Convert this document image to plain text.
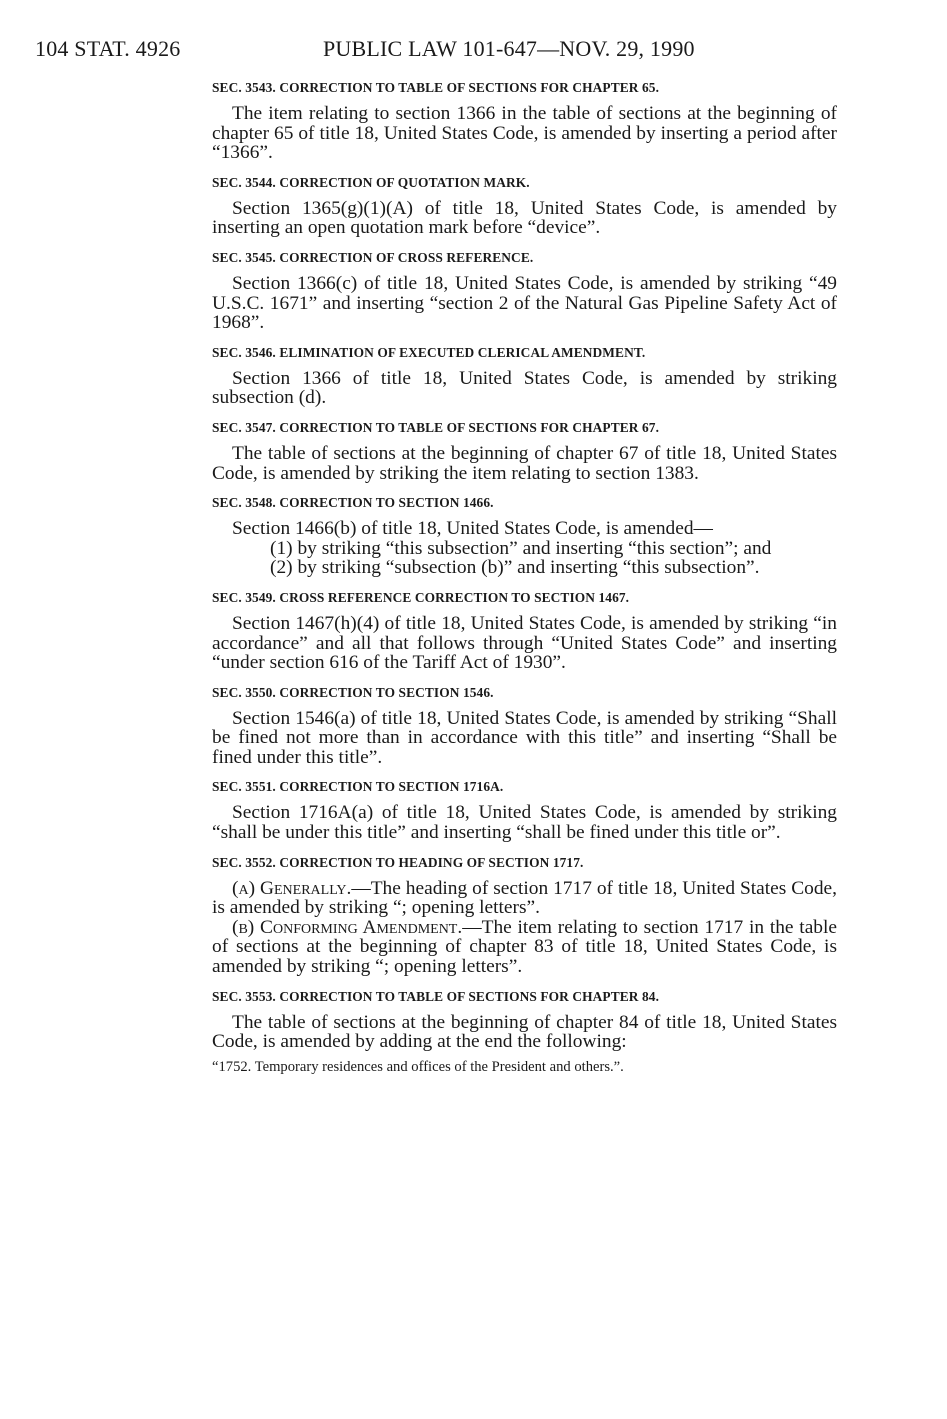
104 STAT. 4926	PUBLIC LAW 101-647—NOV. 29, 1990
SEC. 3543. CORRECTION TO TABLE OF SECTIONS FOR CHAPTER 65.

The item relating to section 1366 in the table of sections at the beginning of chapter 65 of title 18, United States Code, is amended by inserting a period after “1366”.

SEC. 3544. CORRECTION OF QUOTATION MARK.

Section 1365(g)(1)(A) of title 18, United States Code, is amended by inserting an open quotation mark before “device”.

SEC. 3545. CORRECTION OF CROSS REFERENCE.

Section 1366(c) of title 18, United States Code, is amended by striking “49 U.S.C. 1671” and inserting “section 2 of the Natural Gas Pipeline Safety Act of 1968”.

SEC. 3546. ELIMINATION OF EXECUTED CLERICAL AMENDMENT.

Section 1366 of title 18, United States Code, is amended by striking subsection (d).

SEC. 3547. CORRECTION TO TABLE OF SECTIONS FOR CHAPTER 67.

The table of sections at the beginning of chapter 67 of title 18, United States Code, is amended by striking the item relating to section 1383.

SEC. 3548. CORRECTION TO SECTION 1466.

Section 1466(b) of title 18, United States Code, is amended—

(1) by striking “this subsection” and inserting “this section”; and

(2) by striking “subsection (b)” and inserting “this subsection”.

SEC. 3549. CROSS REFERENCE CORRECTION TO SECTION 1467.

Section 1467(h)(4) of title 18, United States Code, is amended by striking “in accordance” and all that follows through “United States Code” and inserting “under section 616 of the Tariff Act of 1930”.

SEC. 3550. CORRECTION TO SECTION 1546.

Section 1546(a) of title 18, United States Code, is amended by striking “Shall be fined not more than in accordance with this title” and inserting “Shall be fined under this title”.

SEC. 3551. CORRECTION TO SECTION 1716A.

Section 1716A(a) of title 18, United States Code, is amended by striking “shall be under this title” and inserting “shall be fined under this title or”.

SEC. 3552. CORRECTION TO HEADING OF SECTION 1717.

(a) Generally.—The heading of section 1717 of title 18, United States Code, is amended by striking “; opening letters”.

(b) Conforming Amendment.—The item relating to section 1717 in the table of sections at the beginning of chapter 83 of title 18, United States Code, is amended by striking “; opening letters”.

SEC. 3553. CORRECTION TO TABLE OF SECTIONS FOR CHAPTER 84.

The table of sections at the beginning of chapter 84 of title 18, United States Code, is amended by adding at the end the following:

“1752. Temporary residences and offices of the President and others.”.
